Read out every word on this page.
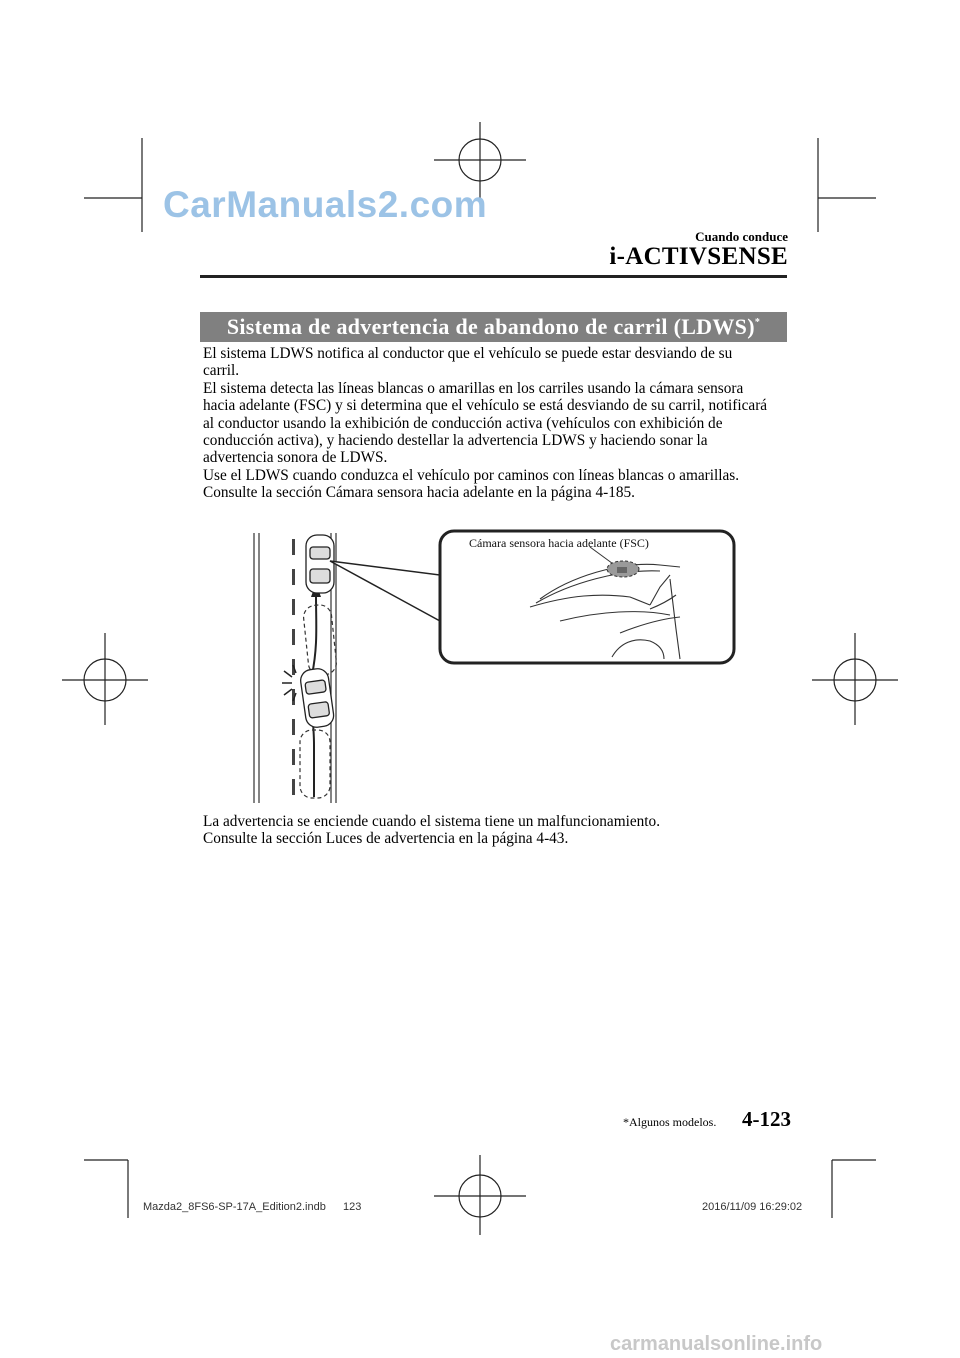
CarManuals2.com
Cuando conduce
i-ACTIVSENSE
Sistema de advertencia de abandono de carril (LDWS)*

El sistema LDWS notifica al conductor que el vehículo se puede estar desviando de su

carril.

El sistema detecta las líneas blancas o amarillas en los carriles usando la cámara sensora

hacia adelante (FSC) y si determina que el vehículo se está desviando de su carril, notificará

al conductor usando la exhibición de conducción activa (vehículos con exhibición de

conducción activa), y haciendo destellar la advertencia LDWS y haciendo sonar la

advertencia sonora de LDWS.

Use el LDWS cuando conduzca el vehículo por caminos con líneas blancas o amarillas.

Consulte la sección Cámara sensora hacia adelante en la página 4-185.

Cámara sensora hacia adelante (FSC)

La advertencia se enciende cuando el sistema tiene un malfuncionamiento.

Consulte la sección Luces de advertencia en la página 4-43.

*Algunos modelos. 4-123
Mazda2_8FS6-SP-17A_Edition2.indb 123	2016/11/09 16:29:02
carmanualsonline.info
